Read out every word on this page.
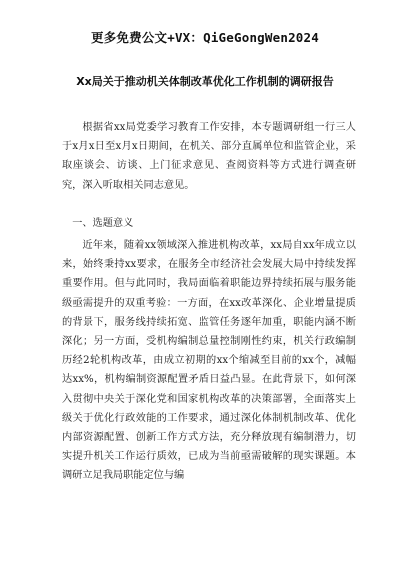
更多免费公文+VX：QiGeGongWen2024
Xx局关于推动机关体制改革优化工作机制的调研报告

根据省xx局党委学习教育工作安排，本专题调研组一行三人于x月x日至x月x日期间，在机关、部分直属单位和监管企业，采取座谈会、访谈、上门征求意见、查阅资料等方式进行调查研究，深入听取相关同志意见。

一、选题意义

近年来，随着xx领域深入推进机构改革，xx局自xx年成立以来，始终秉持xx要求，在服务全市经济社会发展大局中持续发挥重要作用。但与此同时，我局面临着职能边界持续拓展与服务能级亟需提升的双重考验：一方面，在xx改革深化、企业增量提质的背景下，服务线持续拓宽、监管任务逐年加重，职能内涵不断深化；另一方面，受机构编制总量控制刚性约束，机关行政编制历经2轮机构改革，由成立初期的xx个缩减至目前的xx个，减幅达xx%，机构编制资源配置矛盾日益凸显。在此背景下，如何深入贯彻中央关于深化党和国家机构改革的决策部署，全面落实上级关于优化行政效能的工作要求，通过深化体制机制改革、优化内部资源配置、创新工作方式方法，充分释放现有编制潜力，切实提升机关工作运行质效，已成为当前亟需破解的现实课题。本调研立足我局职能定位与编
